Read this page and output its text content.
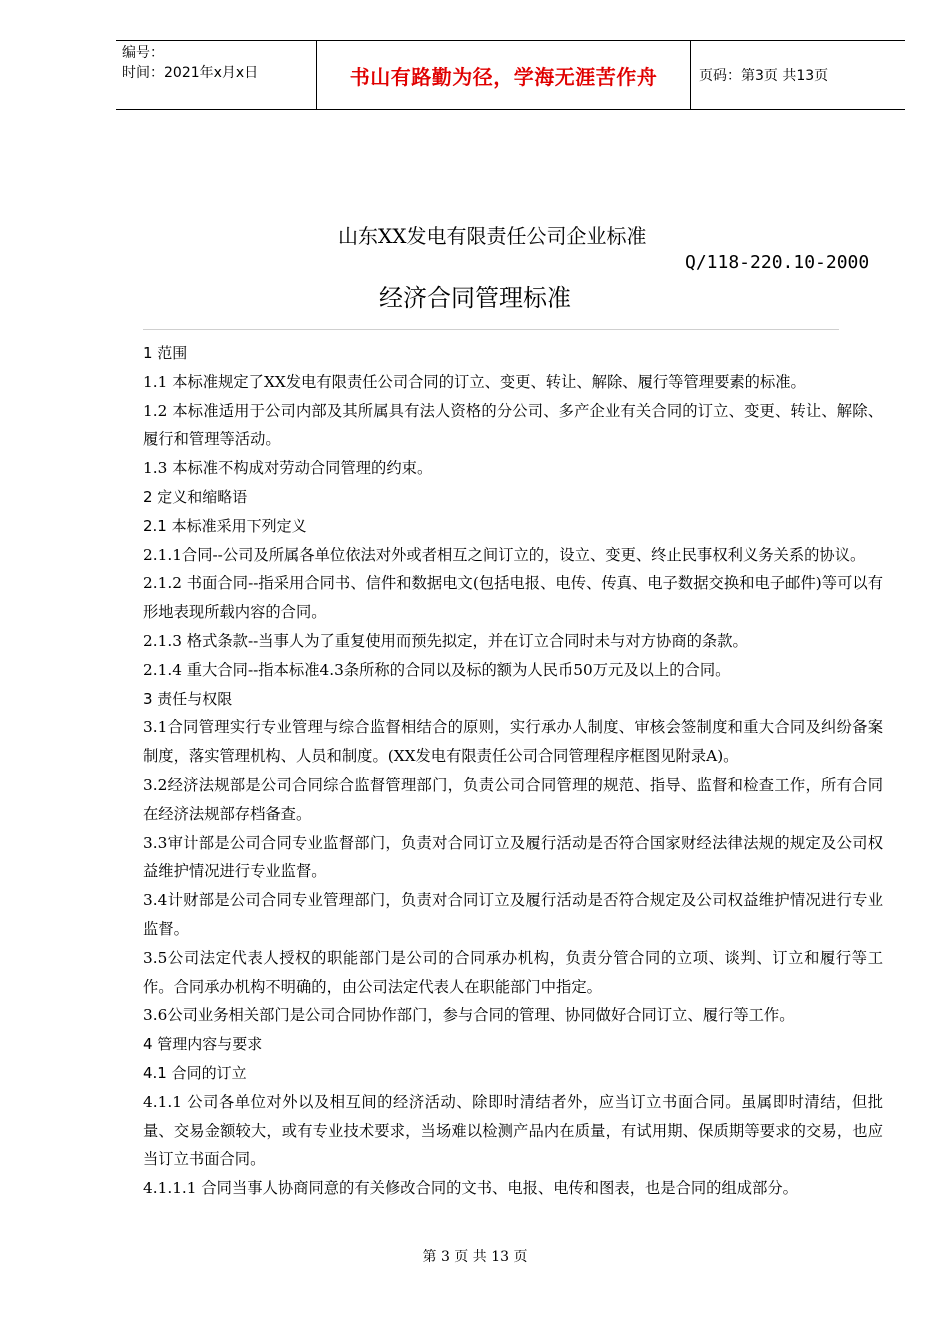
编号：
时间：2021年x月x日	书山有路勤为径，学海无涯苦作舟	页码：第3页 共13页
山东XX发电有限责任公司企业标准
Q/118-220.10-2000
经济合同管理标准

1 范围

1.1 本标准规定了XX发电有限责任公司合同的订立、变更、转让、解除、履行等管理要素的标准。

1.2 本标准适用于公司内部及其所属具有法人资格的分公司、多产企业有关合同的订立、变更、转让、解除、履行和管理等活动。

1.3 本标准不构成对劳动合同管理的约束。

2 定义和缩略语

2.1 本标准采用下列定义

2.1.1合同--公司及所属各单位依法对外或者相互之间订立的，设立、变更、终止民事权利义务关系的协议。

2.1.2 书面合同--指采用合同书、信件和数据电文(包括电报、电传、传真、电子数据交换和电子邮件)等可以有形地表现所载内容的合同。

2.1.3 格式条款--当事人为了重复使用而预先拟定，并在订立合同时未与对方协商的条款。

2.1.4 重大合同--指本标准4.3条所称的合同以及标的额为人民币50万元及以上的合同。

3 责任与权限

3.1合同管理实行专业管理与综合监督相结合的原则，实行承办人制度、审核会签制度和重大合同及纠纷备案制度，落实管理机构、人员和制度。(XX发电有限责任公司合同管理程序框图见附录A)。

3.2经济法规部是公司合同综合监督管理部门，负责公司合同管理的规范、指导、监督和检查工作，所有合同在经济法规部存档备查。

3.3审计部是公司合同专业监督部门，负责对合同订立及履行活动是否符合国家财经法律法规的规定及公司权益维护情况进行专业监督。

3.4计财部是公司合同专业管理部门，负责对合同订立及履行活动是否符合规定及公司权益维护情况进行专业监督。

3.5公司法定代表人授权的职能部门是公司的合同承办机构，负责分管合同的立项、谈判、订立和履行等工作。合同承办机构不明确的，由公司法定代表人在职能部门中指定。

3.6公司业务相关部门是公司合同协作部门，参与合同的管理、协同做好合同订立、履行等工作。

4 管理内容与要求

4.1 合同的订立

4.1.1 公司各单位对外以及相互间的经济活动、除即时清结者外，应当订立书面合同。虽属即时清结，但批量、交易金额较大，或有专业技术要求，当场难以检测产品内在质量，有试用期、保质期等要求的交易，也应当订立书面合同。

4.1.1.1 合同当事人协商同意的有关修改合同的文书、电报、电传和图表，也是合同的组成部分。

第 3 页 共 13 页
